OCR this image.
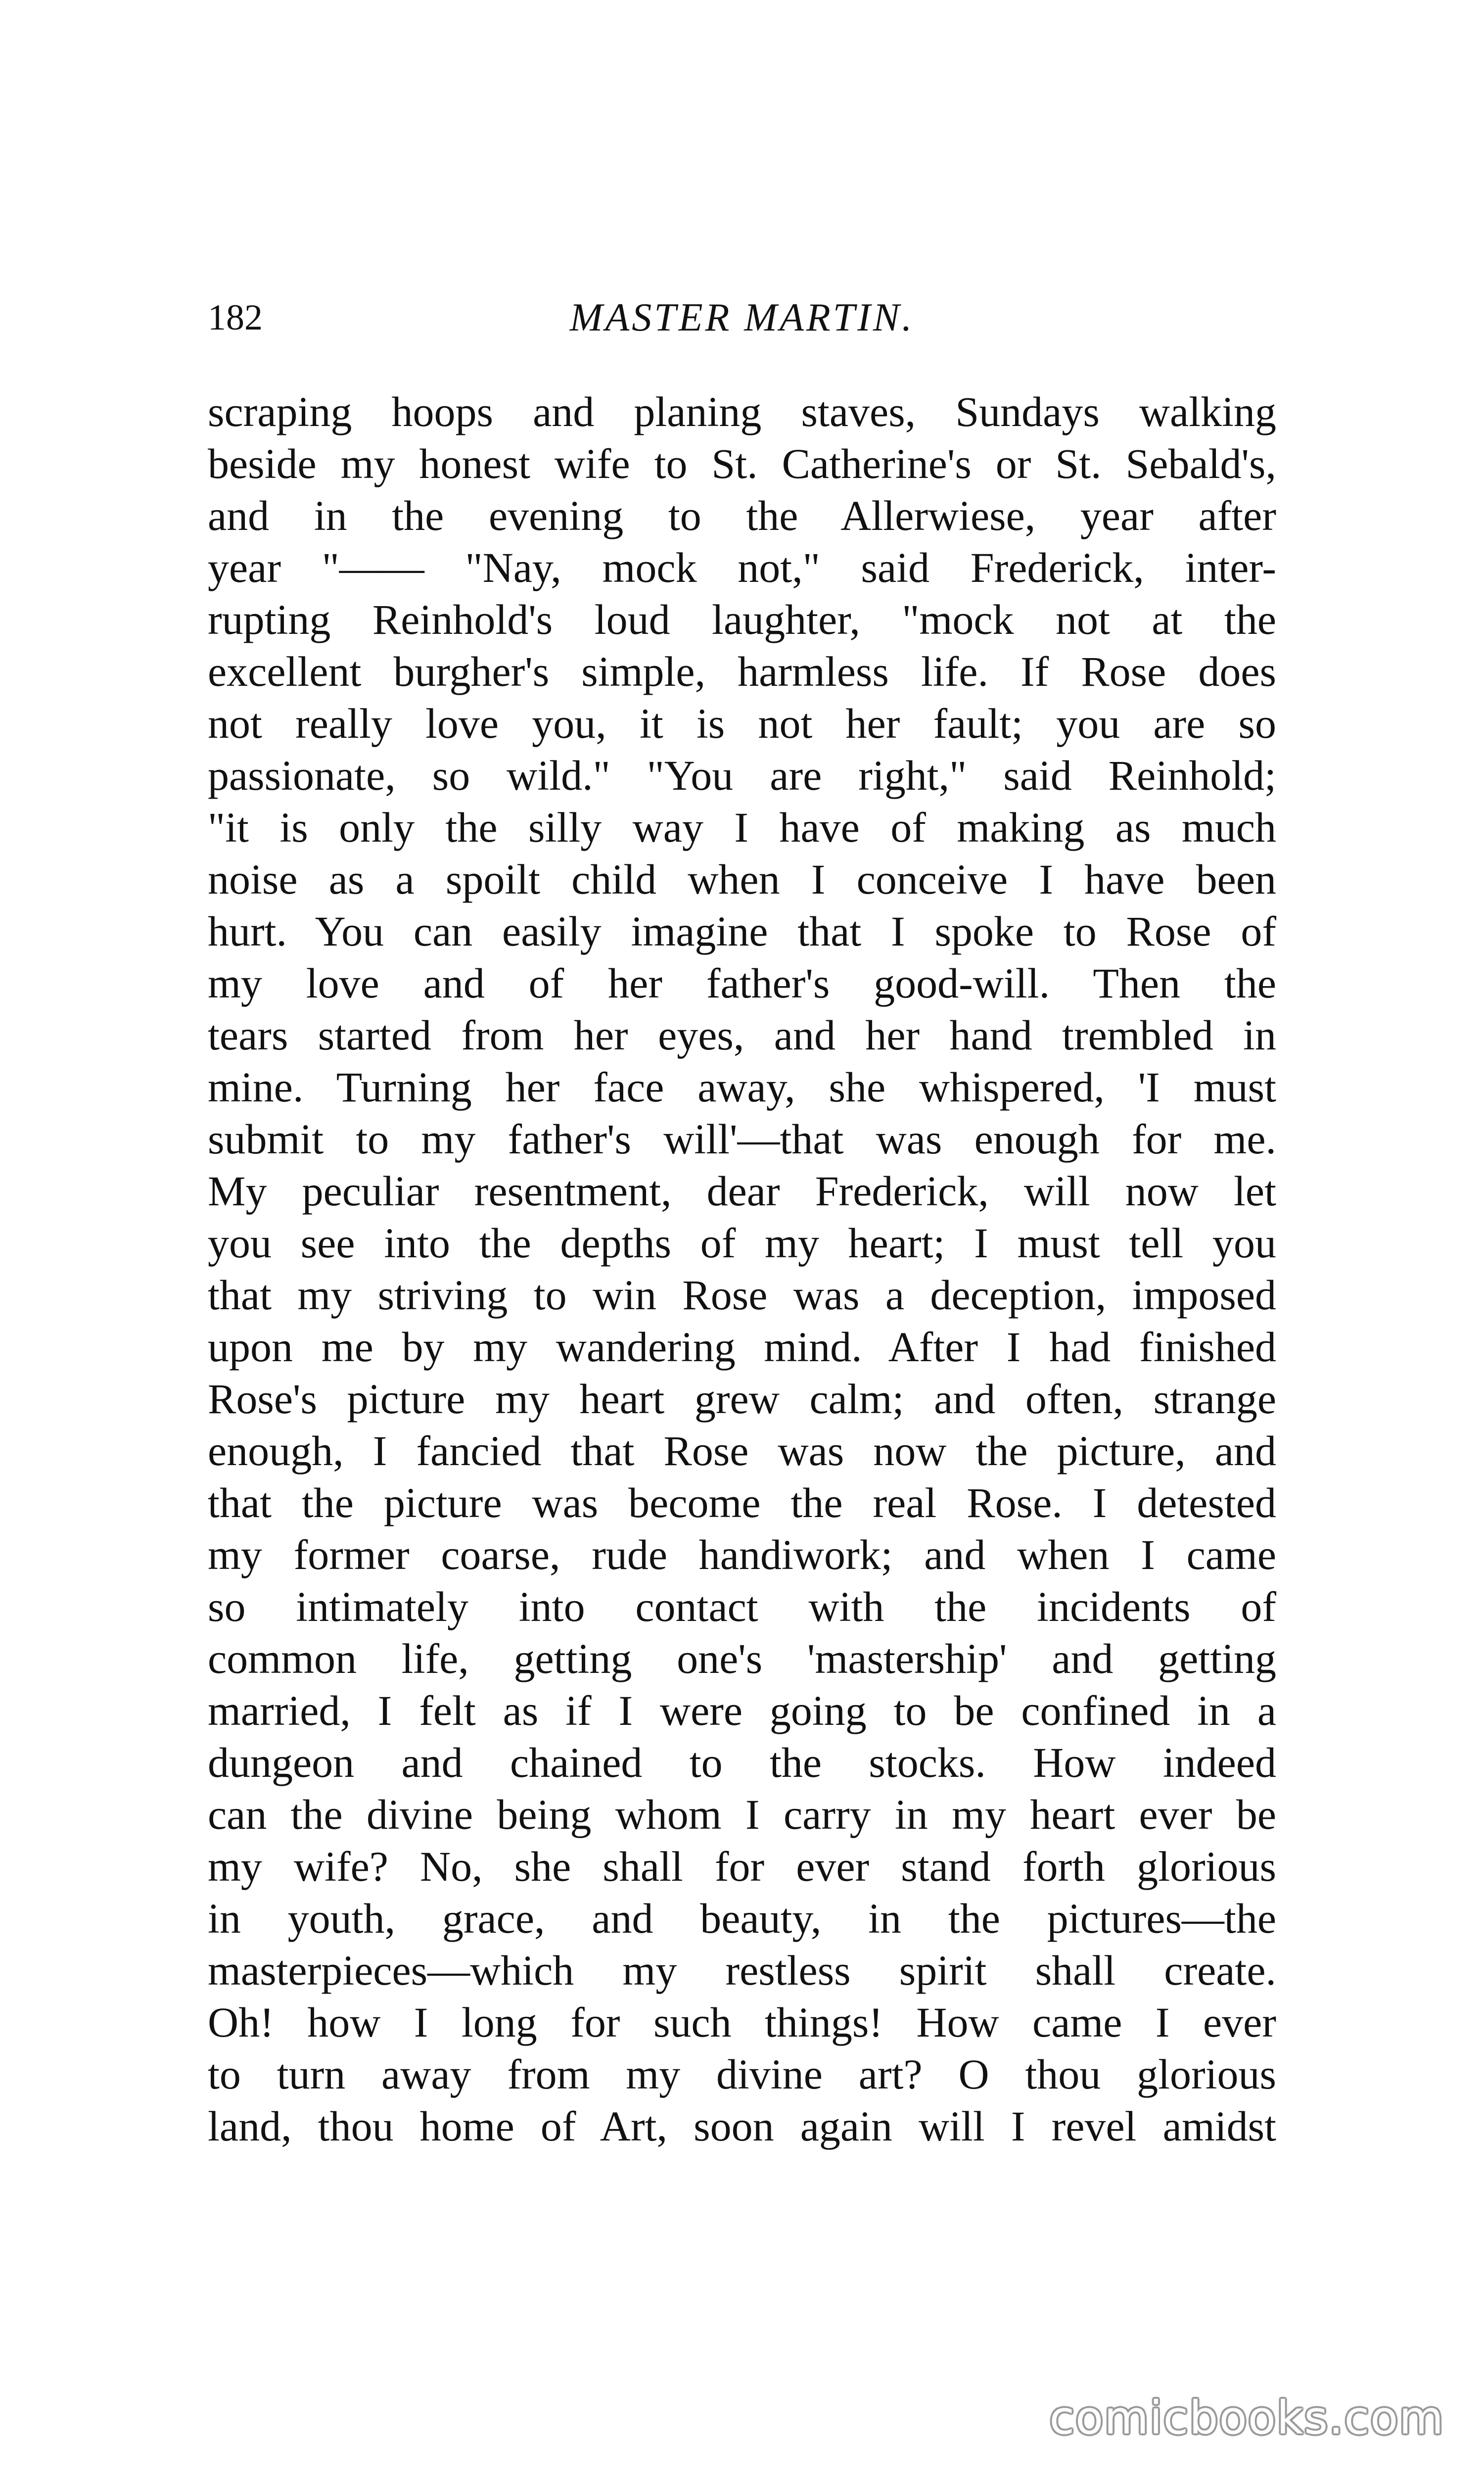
182	MASTER MARTIN.
scraping hoops and planing staves, Sundays walking
beside my honest wife to St. Catherine's or St. Sebald's,
and in the evening to the Allerwiese, year after
year "—— "Nay, mock not," said Frederick, inter-
rupting Reinhold's loud laughter, "mock not at the
excellent burgher's simple, harmless life. If Rose does
not really love you, it is not her fault; you are so
passionate, so wild." "You are right," said Reinhold;
"it is only the silly way I have of making as much
noise as a spoilt child when I conceive I have been
hurt. You can easily imagine that I spoke to Rose of
my love and of her father's good-will. Then the
tears started from her eyes, and her hand trembled in
mine. Turning her face away, she whispered, 'I must
submit to my father's will'—that was enough for me.
My peculiar resentment, dear Frederick, will now let
you see into the depths of my heart; I must tell you
that my striving to win Rose was a deception, imposed
upon me by my wandering mind. After I had finished
Rose's picture my heart grew calm; and often, strange
enough, I fancied that Rose was now the picture, and
that the picture was become the real Rose. I detested
my former coarse, rude handiwork; and when I came
so intimately into contact with the incidents of
common life, getting one's 'mastership' and getting
married, I felt as if I were going to be confined in a
dungeon and chained to the stocks. How indeed
can the divine being whom I carry in my heart ever be
my wife? No, she shall for ever stand forth glorious
in youth, grace, and beauty, in the pictures—the
masterpieces—which my restless spirit shall create.
Oh! how I long for such things! How came I ever
to turn away from my divine art? O thou glorious
land, thou home of Art, soon again will I revel amidst
comicbooks.com
